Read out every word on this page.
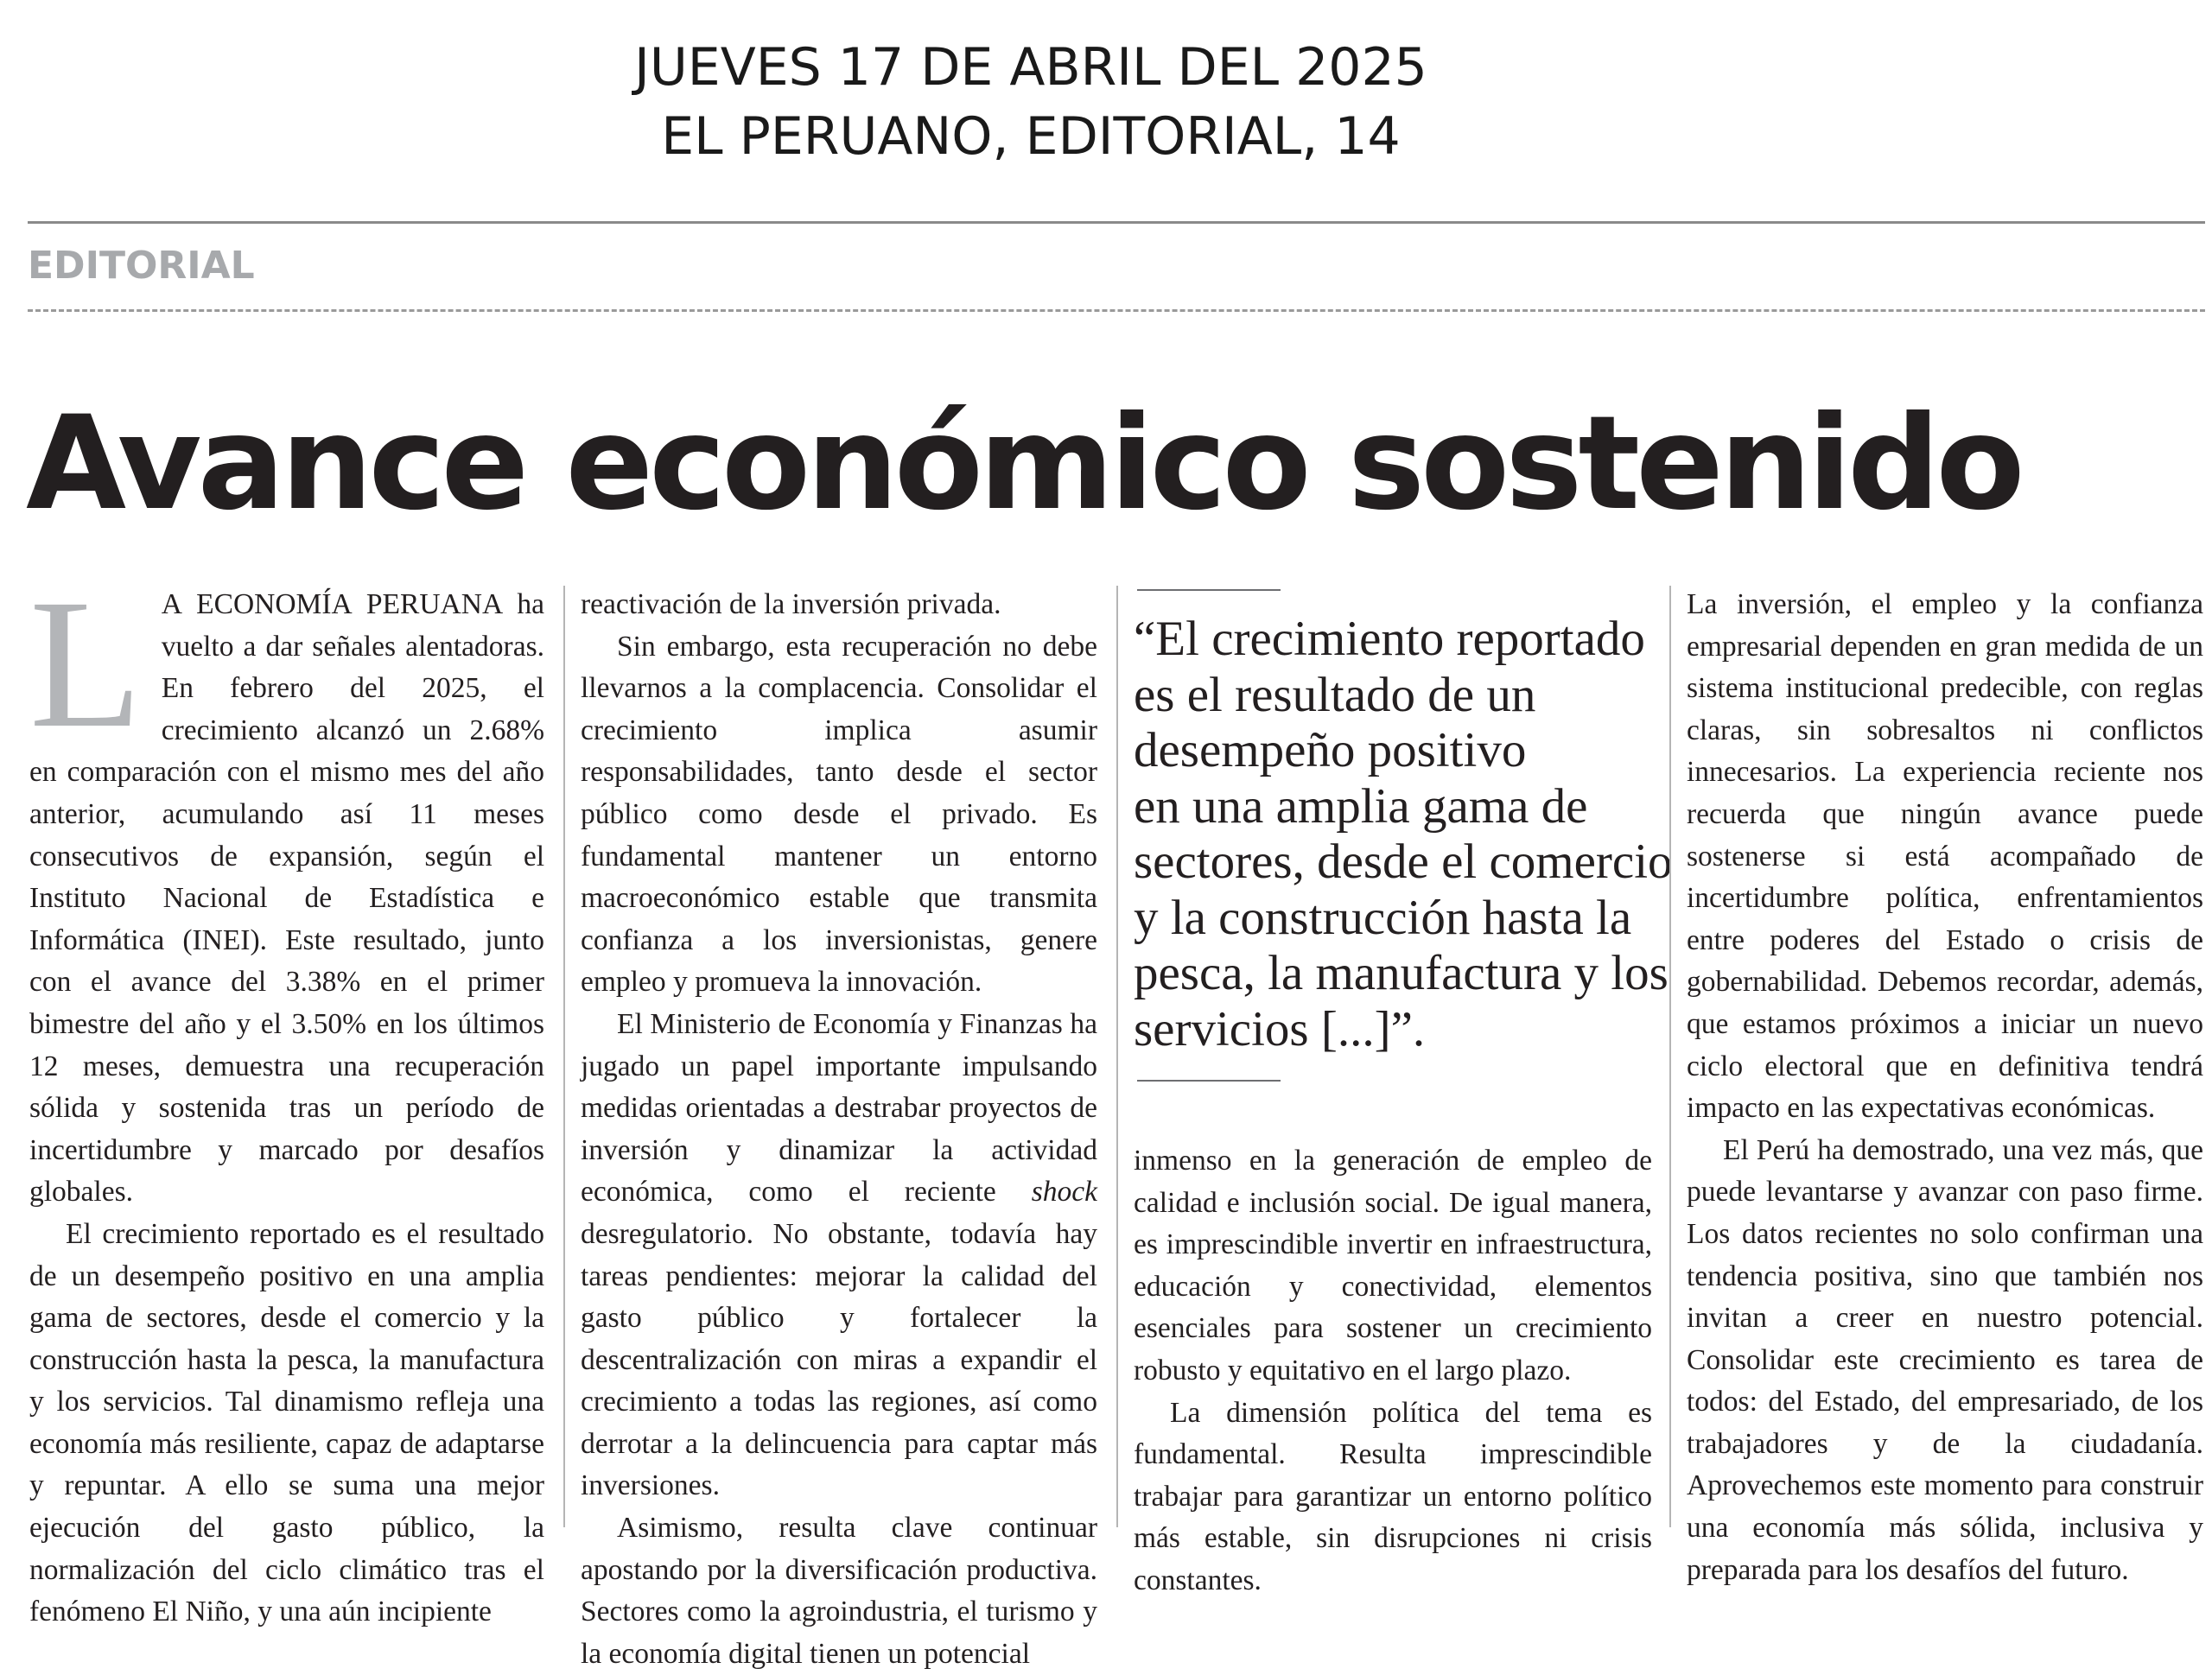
JUEVES 17 DE ABRIL DEL 2025
EL PERUANO, EDITORIAL, 14
EDITORIAL
Avance económico sostenido

L A ECONOMÍA PERUANA ha vuelto a dar señales alentadoras. En febrero del 2025, el crecimiento alcanzó un 2.68% en comparación con el mismo mes del año anterior, acumulando así 11 meses consecutivos de expansión, según el Instituto Nacional de Estadística e Informática (INEI). Este resultado, junto con el avance del 3.38% en el primer bimestre del año y el 3.50% en los últimos 12 meses, demuestra una recuperación sólida y sostenida tras un período de incertidumbre y marcado por desafíos globales.

El crecimiento reportado es el resultado de un desempeño positivo en una amplia gama de sectores, desde el comercio y la construcción hasta la pesca, la manufactura y los servicios. Tal dinamismo refleja una economía más resiliente, capaz de adaptarse y repuntar. A ello se suma una mejor ejecución del gasto público, la normalización del ciclo climático tras el fenómeno El Niño, y una aún incipiente

reactivación de la inversión privada.

Sin embargo, esta recuperación no debe llevarnos a la complacencia. Consolidar el crecimiento implica asumir responsabilidades, tanto desde el sector público como desde el privado. Es fundamental mantener un entorno macroeconómico estable que transmita confianza a los inversionistas, genere empleo y promueva la innovación.

El Ministerio de Economía y Finanzas ha jugado un papel importante impulsando medidas orientadas a destrabar proyectos de inversión y dinamizar la actividad económica, como el reciente shock desregulatorio. No obstante, todavía hay tareas pendientes: mejorar la calidad del gasto público y fortalecer la descentralización con miras a expandir el crecimiento a todas las regiones, así como derrotar a la delincuencia para captar más inversiones.

Asimismo, resulta clave continuar apostando por la diversificación productiva. Sectores como la agroindustria, el turismo y la economía digital tienen un potencial

“El crecimiento reportado
es el resultado de un
desempeño positivo
en una amplia gama de
sectores, desde el comercio
y la construcción hasta la
pesca, la manufactura y los
servicios [...]”.

inmenso en la generación de empleo de calidad e inclusión social. De igual manera, es imprescindible invertir en infraestructura, educación y conectividad, elementos esenciales para sostener un crecimiento robusto y equitativo en el largo plazo.

La dimensión política del tema es fundamental. Resulta imprescindible trabajar para garantizar un entorno político más estable, sin disrupciones ni crisis constantes.

La inversión, el empleo y la confianza empresarial dependen en gran medida de un sistema institucional predecible, con reglas claras, sin sobresaltos ni conflictos innecesarios. La experiencia reciente nos recuerda que ningún avance puede sostenerse si está acompañado de incertidumbre política, enfrentamientos entre poderes del Estado o crisis de gobernabilidad. Debemos recordar, además, que estamos próximos a iniciar un nuevo ciclo electoral que en definitiva tendrá impacto en las expectativas económicas.

El Perú ha demostrado, una vez más, que puede levantarse y avanzar con paso firme. Los datos recientes no solo confirman una tendencia positiva, sino que también nos invitan a creer en nuestro potencial. Consolidar este crecimiento es tarea de todos: del Estado, del empresariado, de los trabajadores y de la ciudadanía. Aprovechemos este momento para construir una economía más sólida, inclusiva y preparada para los desafíos del futuro.
